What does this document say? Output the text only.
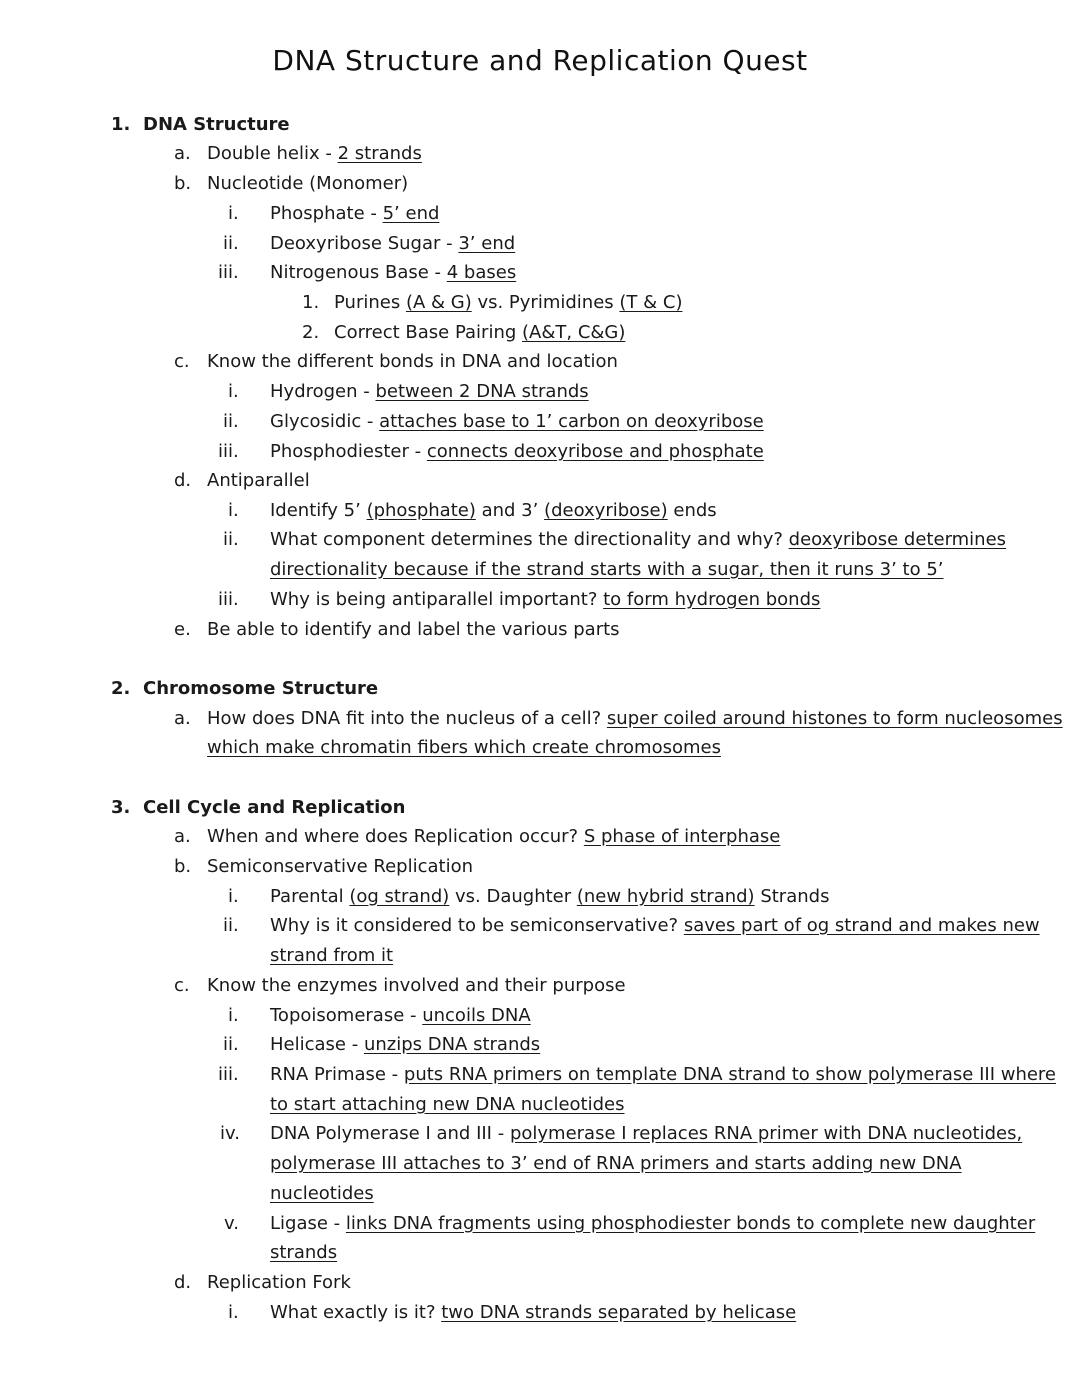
DNA Structure and Replication Quest
1. DNA Structure
a. Double helix - 2 strands
b. Nucleotide (Monomer)
i. Phosphate - 5’ end
ii. Deoxyribose Sugar - 3’ end
iii. Nitrogenous Base - 4 bases
1. Purines (A & G) vs. Pyrimidines (T & C)
2. Correct Base Pairing (A&T, C&G)
c. Know the different bonds in DNA and location
i. Hydrogen - between 2 DNA strands
ii. Glycosidic - attaches base to 1’ carbon on deoxyribose
iii. Phosphodiester - connects deoxyribose and phosphate
d. Antiparallel
i. Identify 5’ (phosphate) and 3’ (deoxyribose) ends
ii. What component determines the directionality and why? deoxyribose determines
directionality because if the strand starts with a sugar, then it runs 3’ to 5’
iii. Why is being antiparallel important? to form hydrogen bonds
e. Be able to identify and label the various parts
2. Chromosome Structure
a. How does DNA fit into the nucleus of a cell? super coiled around histones to form nucleosomes
which make chromatin fibers which create chromosomes
3. Cell Cycle and Replication
a. When and where does Replication occur? S phase of interphase
b. Semiconservative Replication
i. Parental (og strand) vs. Daughter (new hybrid strand) Strands
ii. Why is it considered to be semiconservative? saves part of og strand and makes new
strand from it
c. Know the enzymes involved and their purpose
i. Topoisomerase - uncoils DNA
ii. Helicase - unzips DNA strands
iii. RNA Primase - puts RNA primers on template DNA strand to show polymerase III where
to start attaching new DNA nucleotides
iv. DNA Polymerase I and III - polymerase I replaces RNA primer with DNA nucleotides,
polymerase III attaches to 3’ end of RNA primers and starts adding new DNA
nucleotides
v. Ligase - links DNA fragments using phosphodiester bonds to complete new daughter
strands
d. Replication Fork
i. What exactly is it? two DNA strands separated by helicase
